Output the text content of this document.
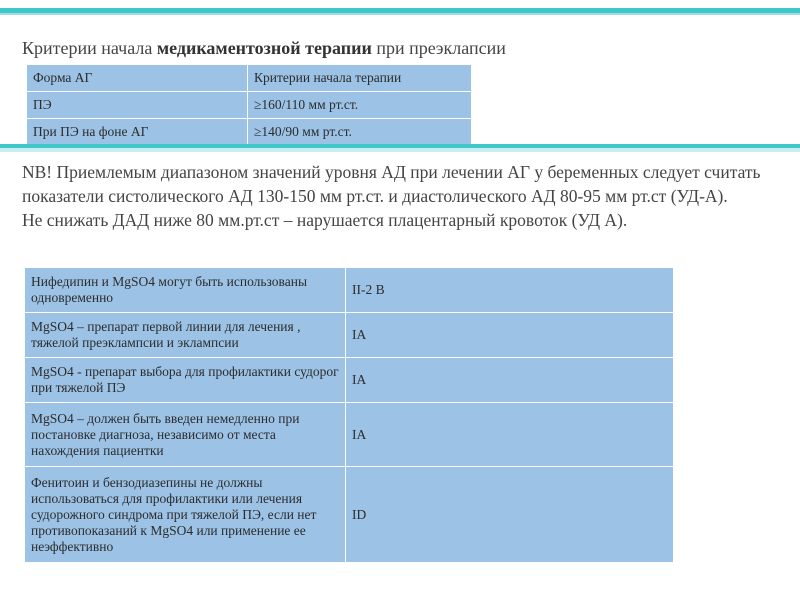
Критерии начала медикаментозной терапии при преэклапсии
Форма АГ	Критерии начала терапии
ПЭ	≥160/110 мм рт.ст.
При ПЭ на фоне АГ	≥140/90 мм рт.ст.

NB! Приемлемым диапазоном значений уровня АД при лечении АГ у беременных следует считать показатели систолического АД 130-150 мм рт.ст. и диастолического АД 80-95 мм рт.ст (УД-А).

Не снижать ДАД ниже 80 мм.рт.ст – нарушается плацентарный кровоток (УД А).

Нифедипин и MgSO4 могут быть использованы одновременно	II-2 B
MgSO4 – препарат первой линии для лечения , тяжелой преэклампсии и эклампсии	IA
MgSO4 - препарат выбора для профилактики судорог при тяжелой ПЭ	IA
MgSO4 – должен быть введен немедленно при постановке диагноза, независимо от места нахождения пациентки	IA
Фенитоин и бензодиазепины не должны использоваться для профилактики или лечения судорожного синдрома при тяжелой ПЭ, если нет противопоказаний к MgSO4 или применение ее неэффективно	ID
